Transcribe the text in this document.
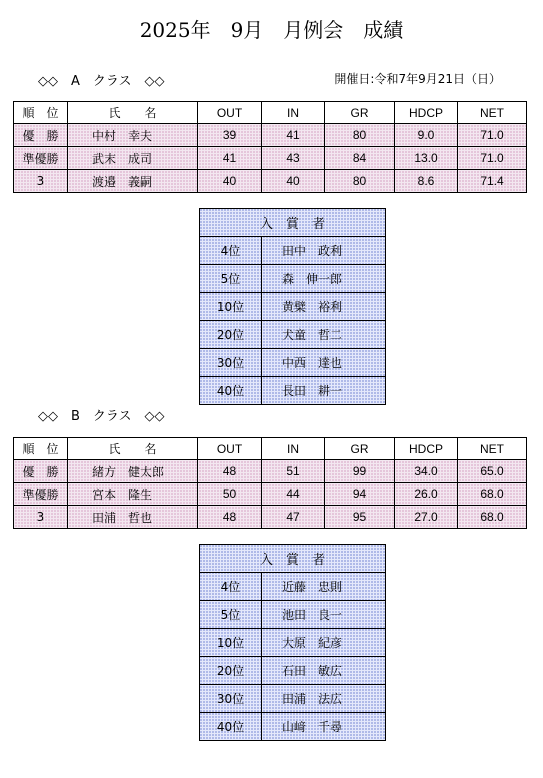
2025年　9月　月例会　成績
開催日:令和7年9月21日（日）
◇◇　A　クラス　◇◇
順　位	氏　　名	OUT	IN	GR	HDCP	NET
優　勝	中村　幸夫	39	41	80	9.0	71.0
準優勝	武末　成司	41	43	84	13.0	71.0
3	渡邉　義嗣	40	40	80	8.6	71.4
入　賞　者	
4位	田中　政利
5位	森　伸一郎
10位	黄檗　裕利
20位	犬童　哲二
30位	中西　達也
40位	長田　耕一
◇◇　B　クラス　◇◇
順　位	氏　　名	OUT	IN	GR	HDCP	NET
優　勝	緒方　健太郎	48	51	99	34.0	65.0
準優勝	宮本　隆生	50	44	94	26.0	68.0
3	田浦　哲也	48	47	95	27.0	68.0
入　賞　者	
4位	近藤　忠則
5位	池田　良一
10位	大原　紀彦
20位	石田　敏広
30位	田浦　法広
40位	山﨑　千尋
